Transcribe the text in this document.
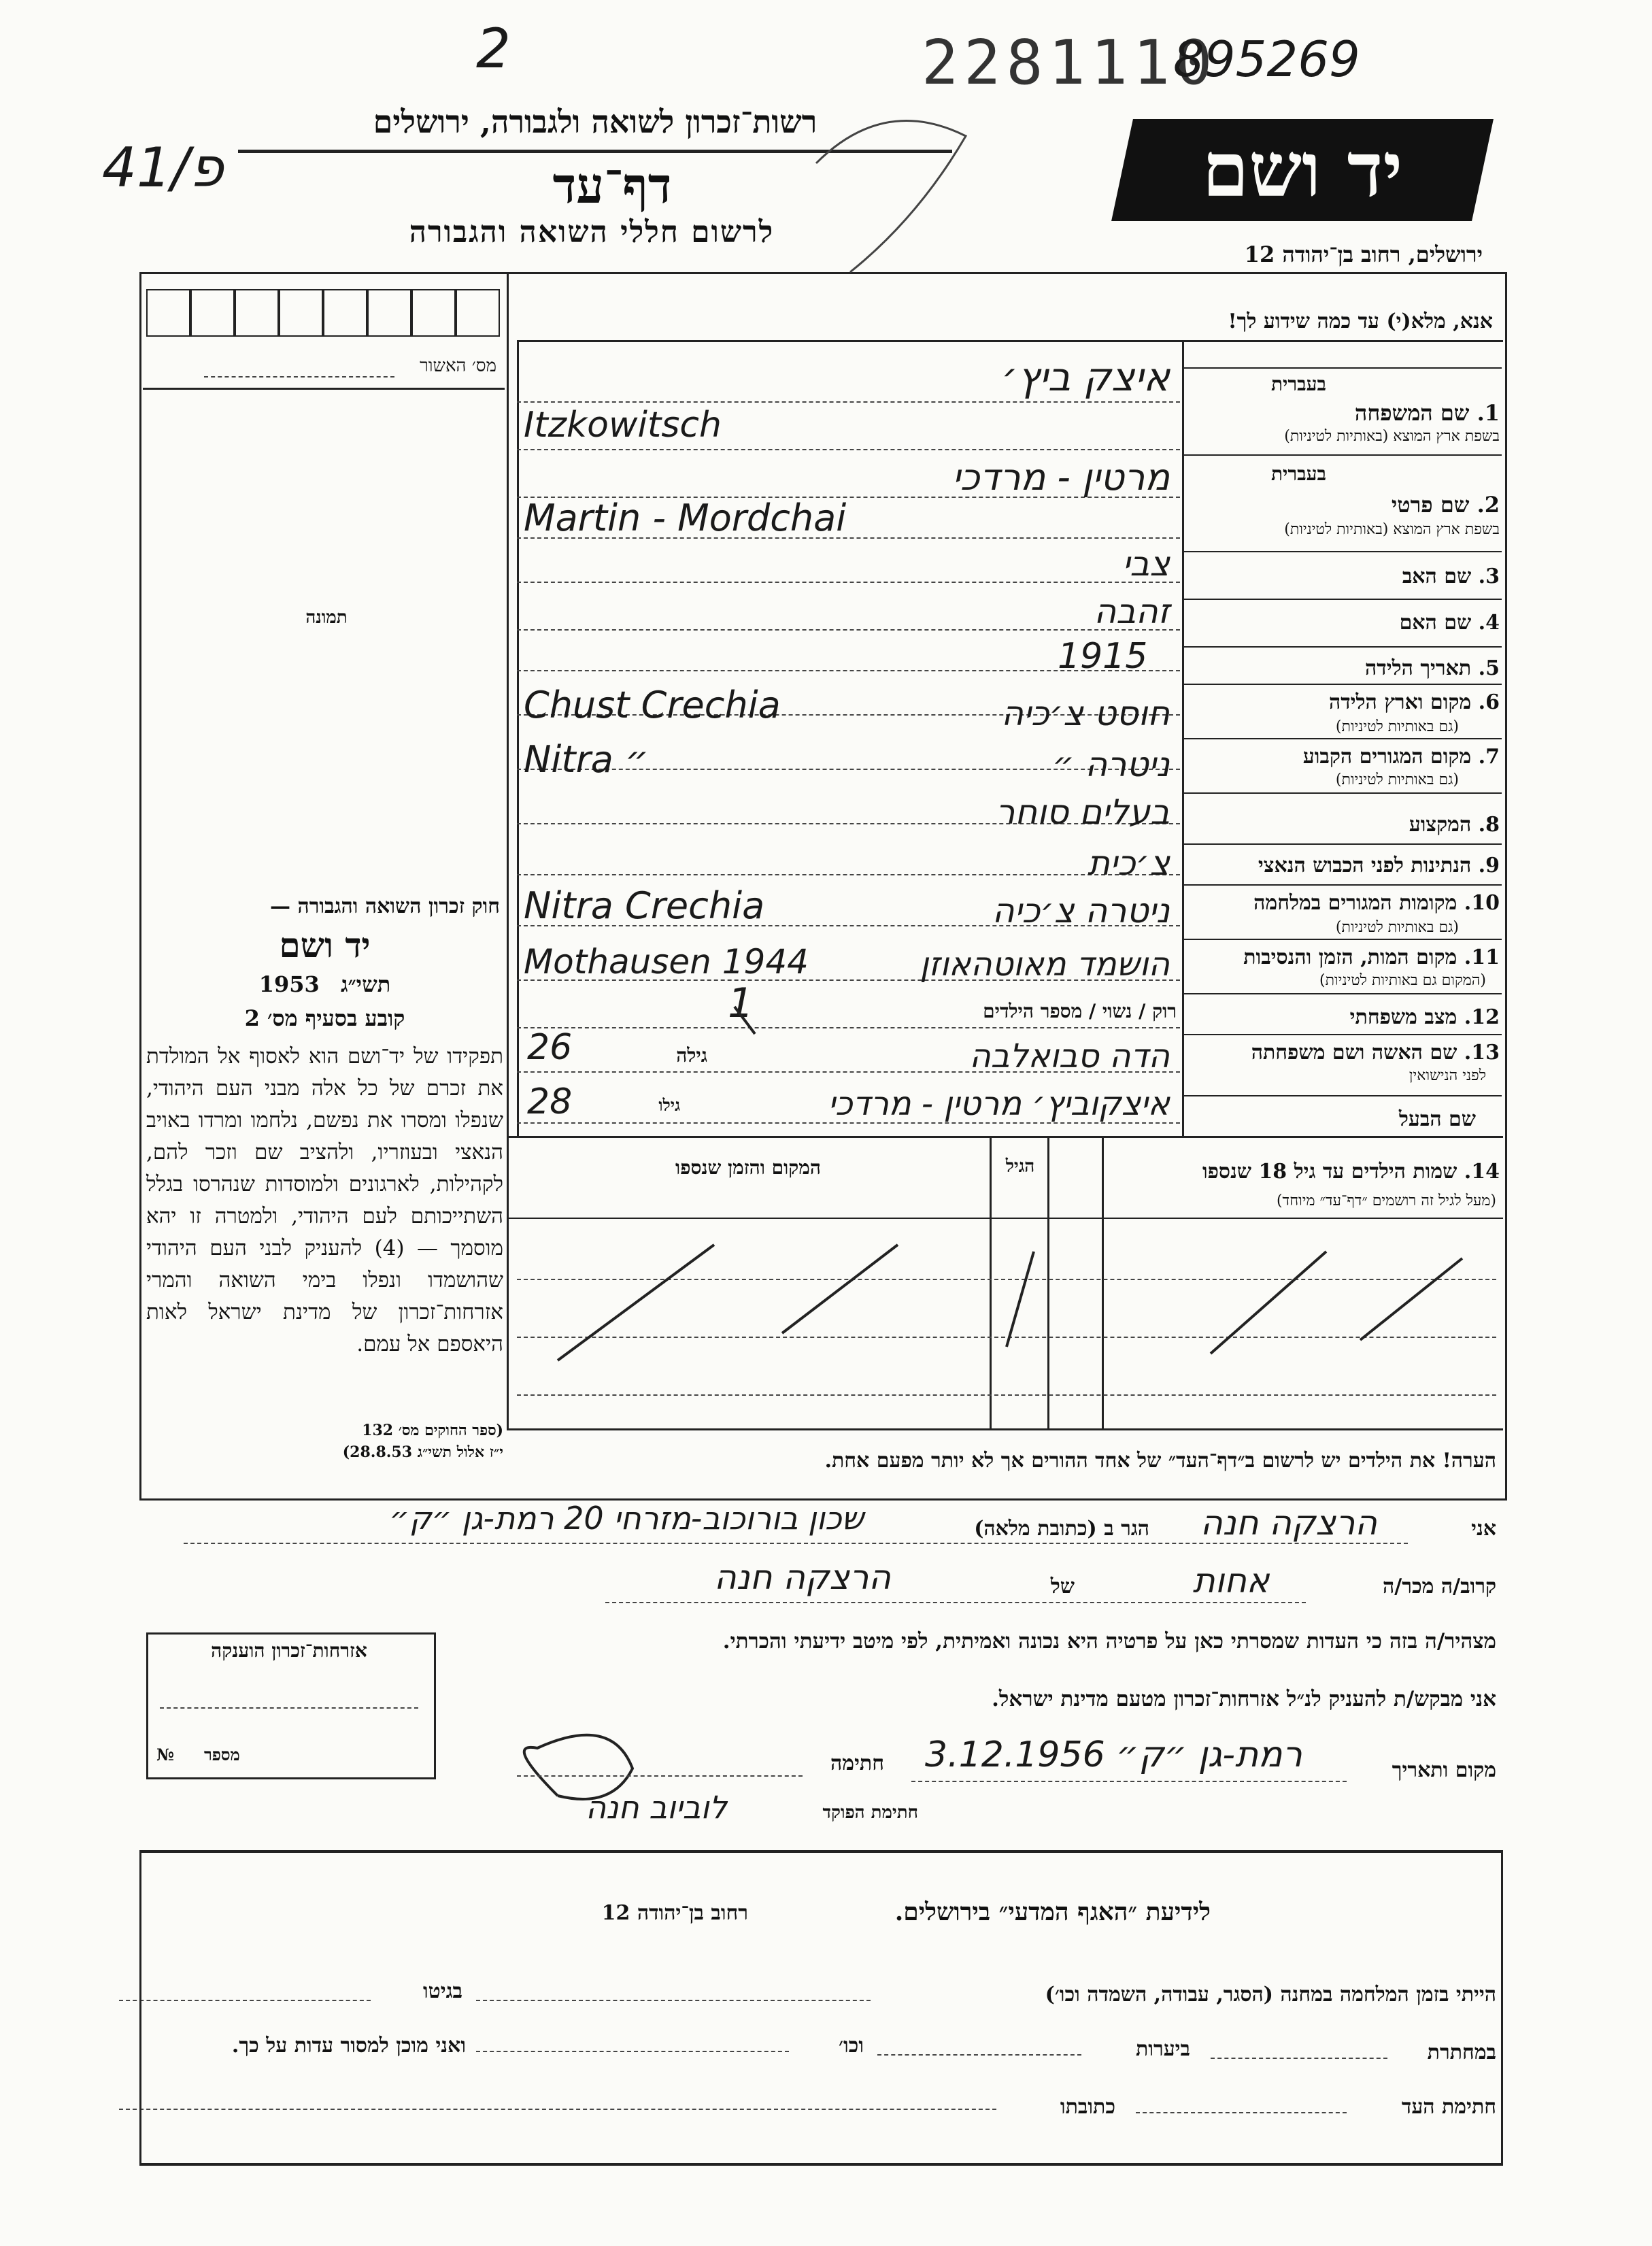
2	2281110
895269
41/פ
רשות־זכרון לשואה ולגבורה, ירושלים
דף־עד
לרשום חללי השואה והגבורה
יד ושם
ירושלים, רחוב בן־יהודה 12
מס׳ האשור
תמונה
חוק זכרון השואה והגבורה —
יד ושם
1953 תשי״ג
קובע בסעיף מס׳ 2
תפקידו של יד־ושם הוא לאסוף אל המולדת את זכרם של כל אלה מבני העם היהודי, שנפלו ומסרו את נפשם, נלחמו ומרדו באויב הנאצי ובעוזריו, ולהציב שם וזכר להם, לקהילות, לארגונים ולמוסדות שנהרסו בגלל השתייכותם לעם היהודי, ולמטרה זו יהא מוסמך — (4) להעניק לבני העם היהודי שהושמדו ונפלו בימי השואה והמרי אזרחות־זכרון של מדינת ישראל לאות היאספם אל עמם.
(ספר החוקים מס׳ 132
י״ז אלול תשי״ג 28.8.53)
אנא, מלא(י) עד כמה שידוע לך!
בעברית
1. שם המשפחה
בשפת ארץ המוצא (באותיות לטיניות)
איצק ביץ׳
Itzkowitsch
בעברית
2. שם פרטי
בשפת ארץ המוצא (באותיות לטיניות)
מרטין - מרדכי
Martin - Mordchai
3. שם האב
צבי
4. שם האם
זהבה
5. תאריך הלידה
1915
6. מקום וארץ הלידה
(גם באותיות לטיניות)
Chust Crechia	חוסט צ׳כיה
7. מקום המגורים הקבוע
(גם באותיות לטיניות)
Nitra ״	ניטרה ״
8. המקצוע
בעלים סוחר
9. הנתינות לפני הכבוש הנאצי
צ׳כית
10. מקומות המגורים במלחמה
(גם באותיות לטיניות)
Nitra Crechia	ניטרה צ׳כיה
11. מקום המות, הזמן והנסיבות
(המקום גם באותיות לטיניות)
Mothausen 1944	הושמד מאוטהאוזן
12. מצב משפחתי
רוק / נשוי / מספר הילדים
1
13. שם האשה ושם משפחתה
לפני הנישואין
הדה סבואלבה
גילה
26
שם הבעל
איצקוביץ׳ מרטין - מרדכי
גילו
28
14. שמות הילדים עד גיל 18 שנספו
(מעל לגיל זה רושמים ״דף־עד״ מיוחד)
הגיל
המקום והזמן שנספו
הערה! את הילדים יש לרשום ב״דף־העד״ של אחד ההורים אך לא יותר מפעם אחת.
אני
הרצקה חנה
הגר ב (כתובת מלאה)
שכון בורוכוב-מזרחי 20 רמת-גן ״ק״
קרוב/ה מכר/ה
אחות
של
הרצקה חנה
מצהיר/ה בזה כי העדות שמסרתי כאן על פרטיה היא נכונה ואמיתית, לפי מיטב ידיעתי והכרתי.
אני מבקש/ת להעניק לנ״ל אזרחות־זכרון מטעם מדינת ישראל.
מקום ותאריך
רמת-גן ״ק״ 3.12.1956
חתימה
חתימת הפוקד
לוביוב חנה
אזרחות־זכרון הוענקה
№ מספר
לידיעת ״האגף המדעי״ בירושלים.
רחוב בן־יהודה 12
הייתי בזמן המלחמה במחנה (הסגר, עבודה, השמדה וכו׳)
בגיטו
במחתרת
ביערות
וכו׳
ואני מוכן למסור עדות על כך.
חתימת העד
כתובתו
